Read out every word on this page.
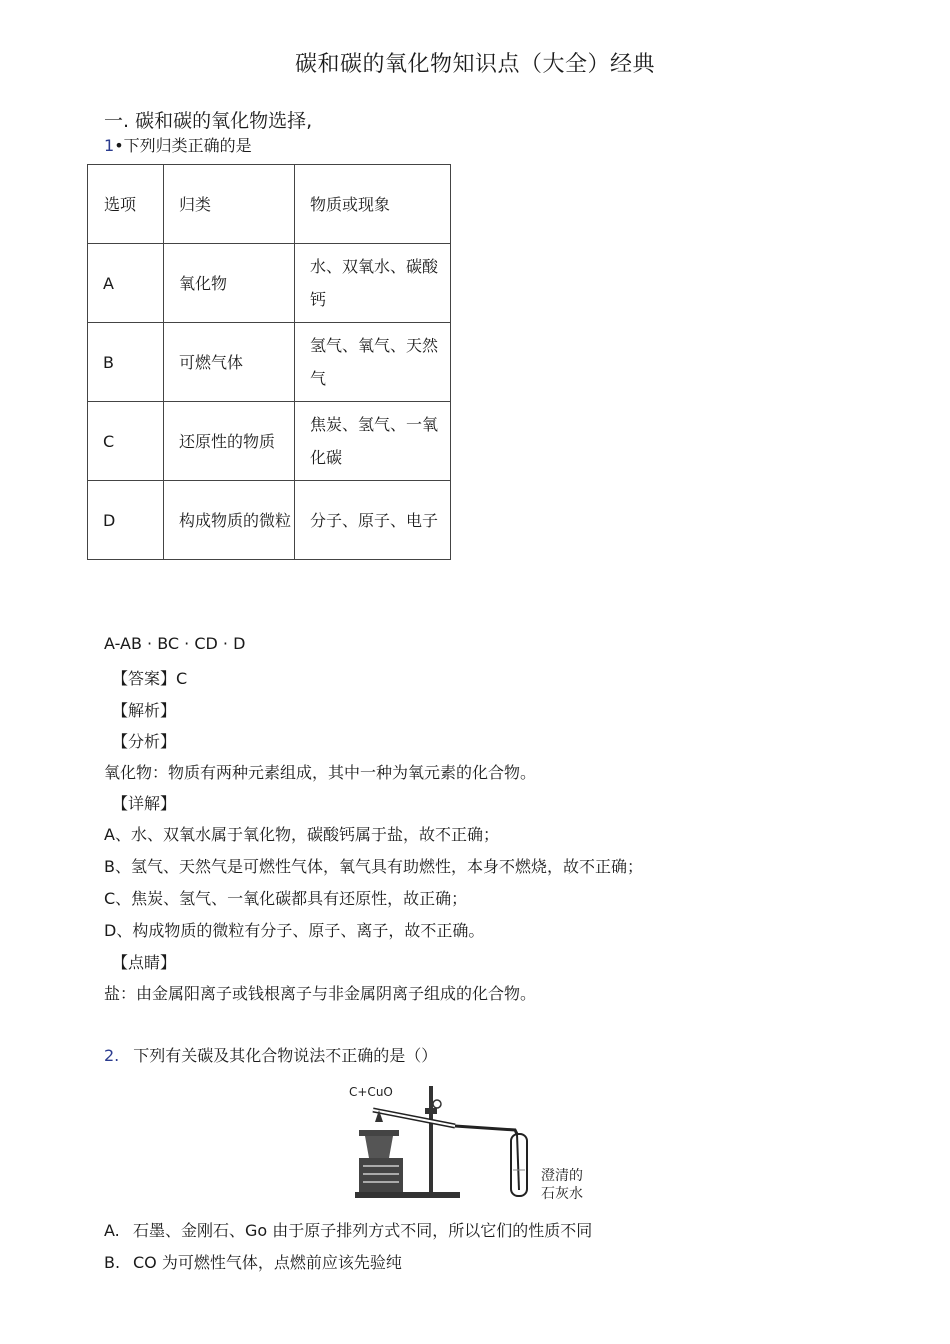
碳和碳的氧化物知识点（大全）经典
一. 碳和碳的氧化物选择,
1•下列归类正确的是
选项	归类	物质或现象
A	氧化物	水、双氧水、碳酸钙
B	可燃气体	氢气、氧气、天然气
C	还原性的物质	焦炭、氢气、一氧化碳
D	构成物质的微粒	分子、原子、电子
A-AB · BC · CD · D
【答案】C
【解析】
【分析】
氧化物：物质有两种元素组成，其中一种为氧元素的化合物。
【详解】
A、水、双氧水属于氧化物，碳酸钙属于盐，故不正确；
B、氢气、天然气是可燃性气体，氧气具有助燃性，本身不燃烧，故不正确；
C、焦炭、氢气、一氧化碳都具有还原性，故正确；
D、构成物质的微粒有分子、原子、离子，故不正确。
【点睛】
盐：由金属阳离子或钱根离子与非金属阴离子组成的化合物。
2. 下列有关碳及其化合物说法不正确的是（）
C+CuO
澄清的
石灰水
A. 石墨、金刚石、Go 由于原子排列方式不同，所以它们的性质不同
B. CO 为可燃性气体，点燃前应该先验纯
